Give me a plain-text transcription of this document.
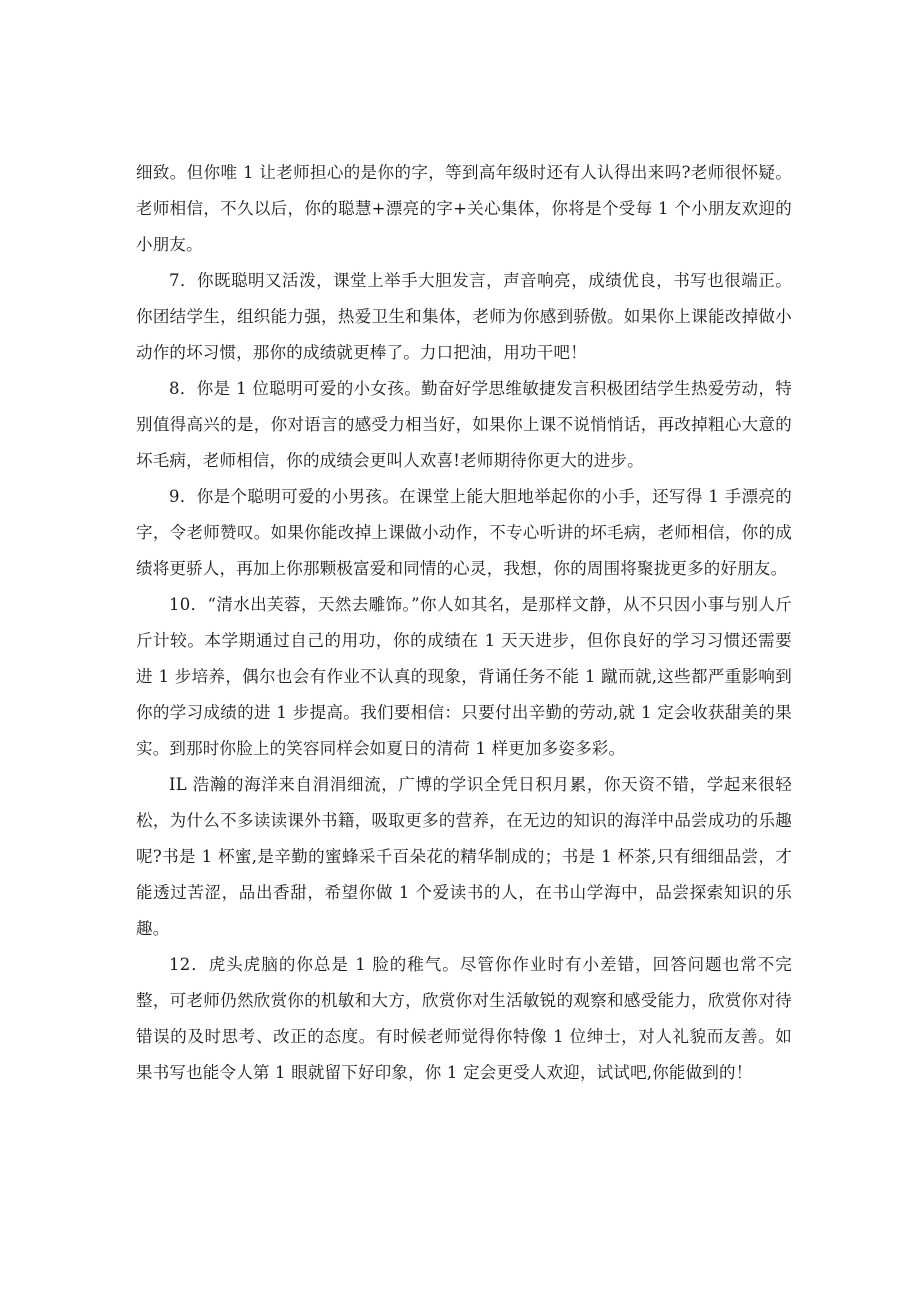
细致。但你唯 1 让老师担心的是你的字，等到高年级时还有人认得出来吗?老师很怀疑。老师相信，不久以后，你的聪慧+漂亮的字+关心集体，你将是个受每 1 个小朋友欢迎的小朋友。

7．你既聪明又活泼，课堂上举手大胆发言，声音响亮，成绩优良，书写也很端正。你团结学生，组织能力强，热爱卫生和集体，老师为你感到骄傲。如果你上课能改掉做小动作的坏习惯，那你的成绩就更棒了。力口把油，用功干吧！

8．你是 1 位聪明可爱的小女孩。勤奋好学思维敏捷发言积极团结学生热爱劳动，特别值得高兴的是，你对语言的感受力相当好，如果你上课不说悄悄话，再改掉粗心大意的坏毛病，老师相信，你的成绩会更叫人欢喜!老师期待你更大的进步。

9．你是个聪明可爱的小男孩。在课堂上能大胆地举起你的小手，还写得 1 手漂亮的字，令老师赞叹。如果你能改掉上课做小动作，不专心听讲的坏毛病，老师相信，你的成绩将更骄人，再加上你那颗极富爱和同情的心灵，我想，你的周围将聚拢更多的好朋友。

10．“清水出芙蓉，天然去雕饰。”你人如其名，是那样文静，从不只因小事与别人斤斤计较。本学期通过自己的用功，你的成绩在 1 天天进步，但你良好的学习习惯还需要进 1 步培养，偶尔也会有作业不认真的现象，背诵任务不能 1 蹴而就,这些都严重影响到你的学习成绩的进 1 步提高。我们要相信：只要付出辛勤的劳动,就 1 定会收获甜美的果实。到那时你脸上的笑容同样会如夏日的清荷 1 样更加多姿多彩。

IL 浩瀚的海洋来自涓涓细流，广博的学识全凭日积月累，你天资不错，学起来很轻松，为什么不多读读课外书籍，吸取更多的营养，在无边的知识的海洋中品尝成功的乐趣呢?书是 1 杯蜜,是辛勤的蜜蜂采千百朵花的精华制成的；书是 1 杯茶,只有细细品尝，才能透过苦涩，品出香甜，希望你做 1 个爱读书的人，在书山学海中，品尝探索知识的乐趣。

12．虎头虎脑的你总是 1 脸的稚气。尽管你作业时有小差错，回答问题也常不完整，可老师仍然欣赏你的机敏和大方，欣赏你对生活敏锐的观察和感受能力，欣赏你对待错误的及时思考、改正的态度。有时候老师觉得你特像 1 位绅士，对人礼貌而友善。如果书写也能令人第 1 眼就留下好印象，你 1 定会更受人欢迎，试试吧,你能做到的！
